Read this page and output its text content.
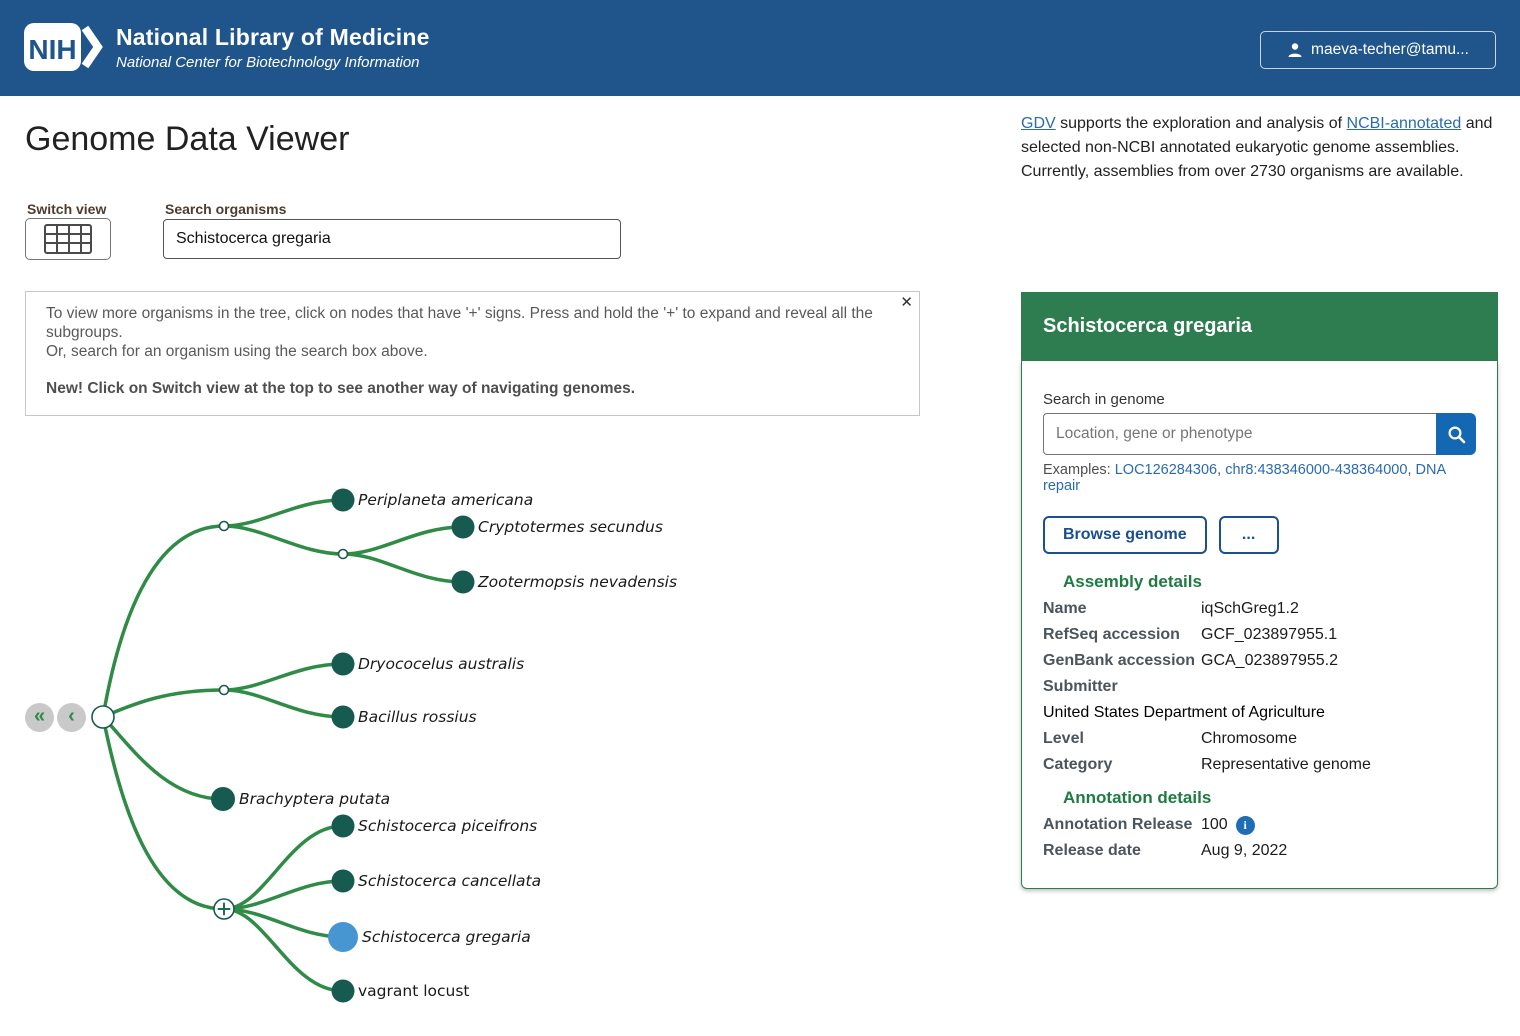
NIH National Library of Medicine
National Center for Biotechnology Information
maeva-techer@tamu...
Genome Data Viewer
Switch view	Search organisms
Schistocerca gregaria
To view more organisms in the tree, click on nodes that have '+' signs. Press and hold the '+' to expand and reveal all the subgroups.
Or, search for an organism using the search box above.
New! Click on Switch view at the top to see another way of navigating genomes.
✕
Periplaneta americana
Cryptotermes secundus
Zootermopsis nevadensis
Dryococelus australis
Bacillus rossius
Brachyptera putata
Schistocerca piceifrons
Schistocerca cancellata
Schistocerca gregaria
vagrant locust
« ‹

GDV supports the exploration and analysis of NCBI-annotated and selected non-NCBI annotated eukaryotic genome assemblies. Currently, assemblies from over 2730 organisms are available.

Schistocerca gregaria
Search in genome
Location, gene or phenotype
Examples: LOC126284306, chr8:438346000-438364000, DNA repair
Browse genome	...
Assembly details
Name	iqSchGreg1.2
RefSeq accession	GCF_023897955.1
GenBank accession GCA_023897955.2
Submitter
United States Department of Agriculture
Level	Chromosome
Category	Representative genome
Annotation details
Annotation Release 100	i
Release date	Aug 9, 2022
